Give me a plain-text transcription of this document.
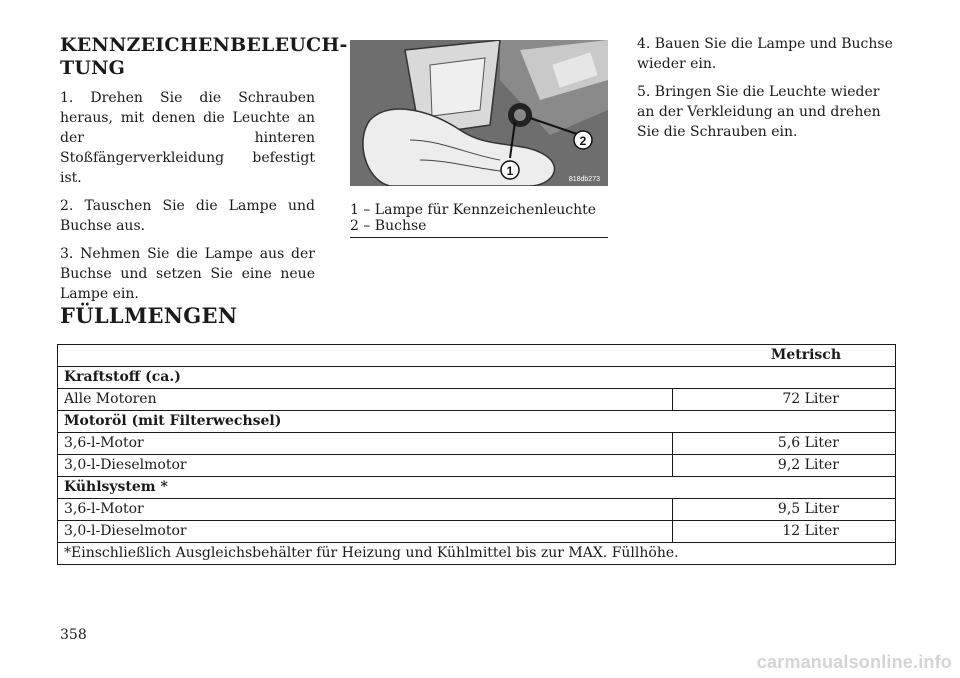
KENNZEICHENBELEUCH-
TUNG

1. Drehen Sie die Schrauben heraus, mit denen die Leuchte an der hinteren Stoßfängerverkleidung befestigt ist.

2. Tauschen Sie die Lampe und Buchse aus.

3. Nehmen Sie die Lampe aus der Buchse und setzen Sie eine neue Lampe ein.

2
1
818db273
1 – Lampe für Kennzeichenleuchte
2 – Buchse

4. Bauen Sie die Lampe und Buchse wieder ein.

5. Bringen Sie die Leuchte wieder an der Verkleidung an und drehen Sie die Schrauben ein.

FÜLLMENGEN
Metrisch	
Kraftstoff (ca.)	
Alle Motoren	72 Liter
Motoröl (mit Filterwechsel)	
3,6-l-Motor	5,6 Liter
3,0-l-Dieselmotor	9,2 Liter
Kühlsystem *	
3,6-l-Motor	9,5 Liter
3,0-l-Dieselmotor	12 Liter
*Einschließlich Ausgleichsbehälter für Heizung und Kühlmittel bis zur MAX. Füllhöhe.	
358
carmanualsonline.info
